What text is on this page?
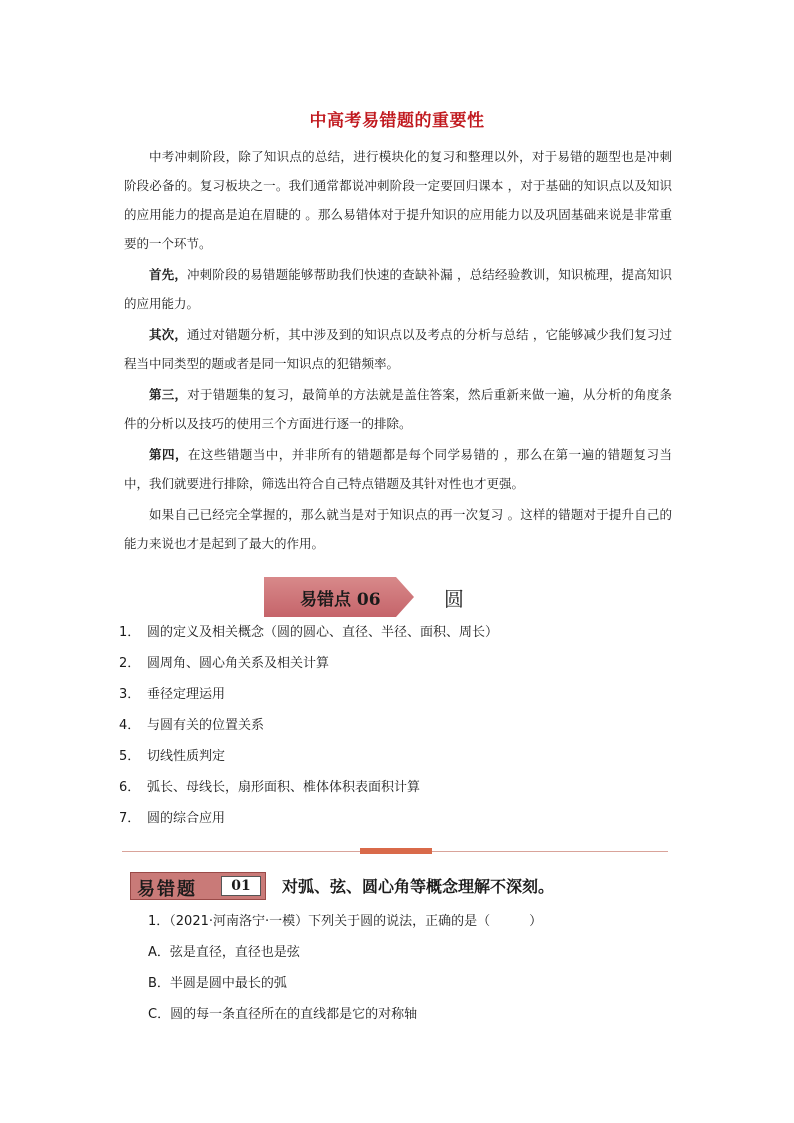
中高考易错题的重要性

中考冲刺阶段，除了知识点的总结，进行模块化的复习和整理以外，对于易错的题型也是冲刺阶段必备的。复习板块之一。我们通常都说冲刺阶段一定要回归课本 ，对于基础的知识点以及知识的应用能力的提高是迫在眉睫的 。那么易错体对于提升知识的应用能力以及巩固基础来说是非常重要的一个环节。

首先，冲刺阶段的易错题能够帮助我们快速的查缺补漏 ，总结经验教训，知识梳理，提高知识的应用能力。

其次，通过对错题分析，其中涉及到的知识点以及考点的分析与总结 ，它能够减少我们复习过程当中同类型的题或者是同一知识点的犯错频率。

第三，对于错题集的复习，最简单的方法就是盖住答案，然后重新来做一遍，从分析的角度条件的分析以及技巧的使用三个方面进行逐一的排除。

第四，在这些错题当中，并非所有的错题都是每个同学易错的 ，那么在第一遍的错题复习当中，我们就要进行排除，筛选出符合自己特点错题及其针对性也才更强。

如果自己已经完全掌握的，那么就当是对于知识点的再一次复习 。这样的错题对于提升自己的能力来说也才是起到了最大的作用。

易错点 06	圆
1． 圆的定义及相关概念（圆的圆心、直径、半径、面积、周长）
2． 圆周角、圆心角关系及相关计算
3． 垂径定理运用
4． 与圆有关的位置关系
5． 切线性质判定
6． 弧长、母线长，扇形面积、椎体体积表面积计算
7． 圆的综合应用
易错题	01	对弧、弦、圆心角等概念理解不深刻。
1．（2021·河南洛宁·一模）下列关于圆的说法，正确的是（　　　）
A．弦是直径，直径也是弦
B．半圆是圆中最长的弧
C．圆的每一条直径所在的直线都是它的对称轴
